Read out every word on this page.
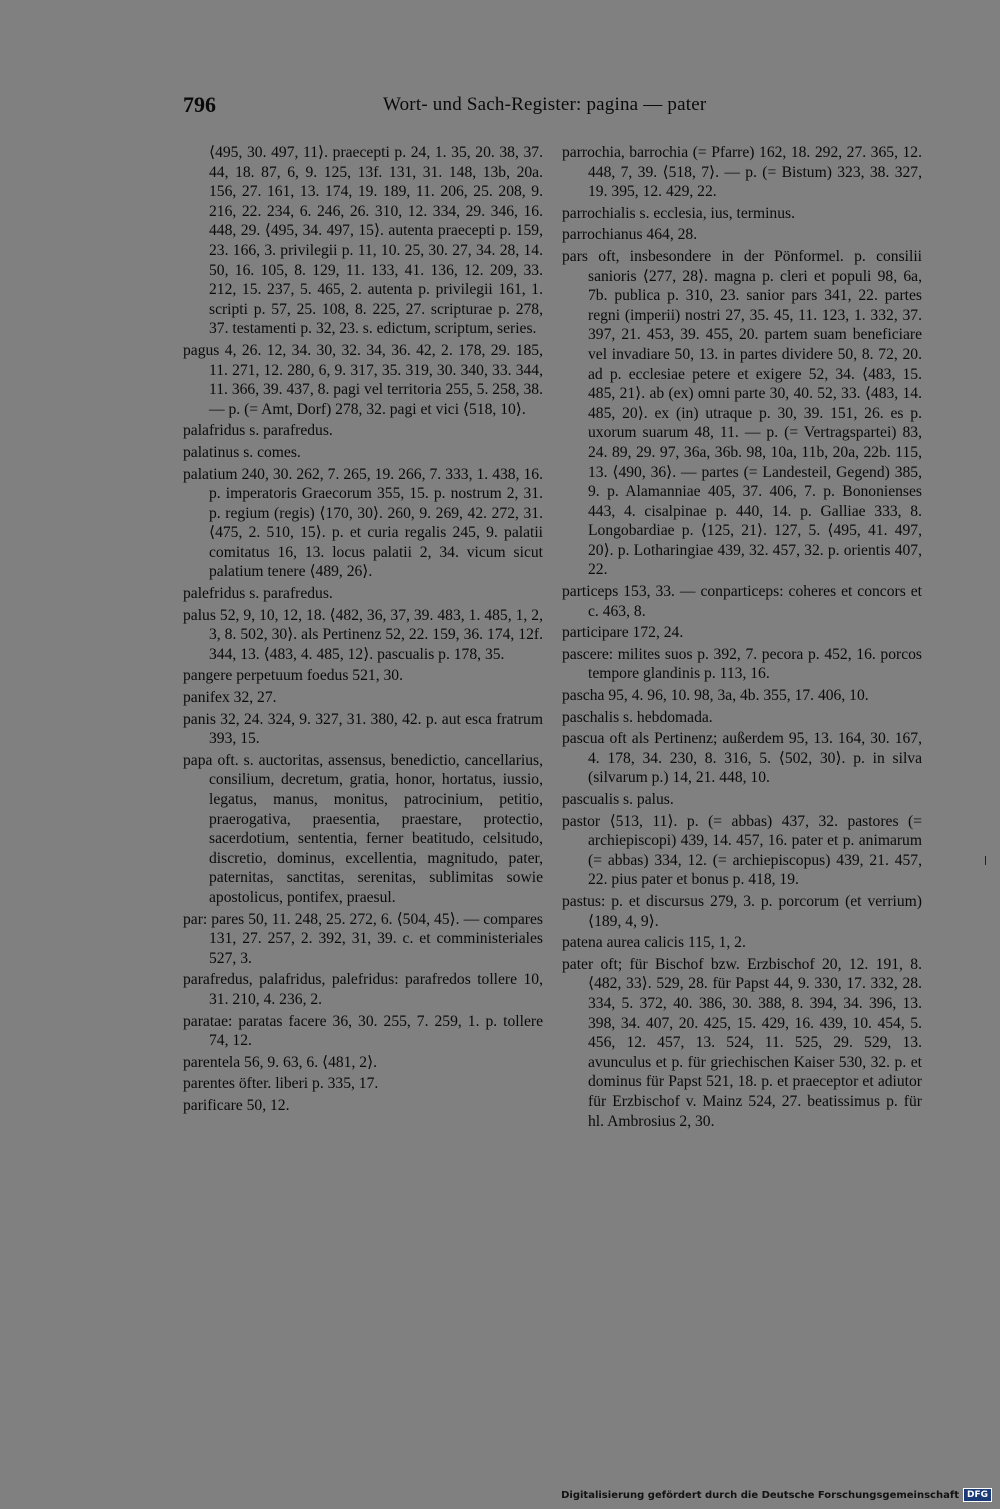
796	Wort- und Sach-Register: pagina — pater

⟨495, 30. 497, 11⟩. praecepti p. 24, 1. 35, 20. 38, 37. 44, 18. 87, 6, 9. 125, 13f. 131, 31. 148, 13b, 20a. 156, 27. 161, 13. 174, 19. 189, 11. 206, 25. 208, 9. 216, 22. 234, 6. 246, 26. 310, 12. 334, 29. 346, 16. 448, 29. ⟨495, 34. 497, 15⟩. autenta praecepti p. 159, 23. 166, 3. privilegii p. 11, 10. 25, 30. 27, 34. 28, 14. 50, 16. 105, 8. 129, 11. 133, 41. 136, 12. 209, 33. 212, 15. 237, 5. 465, 2. autenta p. privilegii 161, 1. scripti p. 57, 25. 108, 8. 225, 27. scripturae p. 278, 37. testamenti p. 32, 23. s. edictum, scriptum, series.

pagus 4, 26. 12, 34. 30, 32. 34, 36. 42, 2. 178, 29. 185, 11. 271, 12. 280, 6, 9. 317, 35. 319, 30. 340, 33. 344, 11. 366, 39. 437, 8. pagi vel territoria 255, 5. 258, 38. — p. (= Amt, Dorf) 278, 32. pagi et vici ⟨518, 10⟩.

palafridus s. parafredus.

palatinus s. comes.

palatium 240, 30. 262, 7. 265, 19. 266, 7. 333, 1. 438, 16. p. imperatoris Graecorum 355, 15. p. nostrum 2, 31. p. regium (regis) ⟨170, 30⟩. 260, 9. 269, 42. 272, 31. ⟨475, 2. 510, 15⟩. p. et curia regalis 245, 9. palatii comitatus 16, 13. locus palatii 2, 34. vicum sicut palatium tenere ⟨489, 26⟩.

palefridus s. parafredus.

palus 52, 9, 10, 12, 18. ⟨482, 36, 37, 39. 483, 1. 485, 1, 2, 3, 8. 502, 30⟩. als Pertinenz 52, 22. 159, 36. 174, 12f. 344, 13. ⟨483, 4. 485, 12⟩. pascualis p. 178, 35.

pangere perpetuum foedus 521, 30.

panifex 32, 27.

panis 32, 24. 324, 9. 327, 31. 380, 42. p. aut esca fratrum 393, 15.

papa oft. s. auctoritas, assensus, benedictio, cancellarius, consilium, decretum, gratia, honor, hortatus, iussio, legatus, manus, monitus, patrocinium, petitio, praerogativa, praesentia, praestare, protectio, sacerdotium, sententia, ferner beatitudo, celsitudo, discretio, dominus, excellentia, magnitudo, pater, paternitas, sanctitas, serenitas, sublimitas sowie apostolicus, pontifex, praesul.

par: pares 50, 11. 248, 25. 272, 6. ⟨504, 45⟩. — compares 131, 27. 257, 2. 392, 31, 39. c. et comministeriales 527, 3.

parafredus, palafridus, palefridus: parafredos tollere 10, 31. 210, 4. 236, 2.

paratae: paratas facere 36, 30. 255, 7. 259, 1. p. tollere 74, 12.

parentela 56, 9. 63, 6. ⟨481, 2⟩.

parentes öfter. liberi p. 335, 17.

parificare 50, 12.

parrochia, barrochia (= Pfarre) 162, 18. 292, 27. 365, 12. 448, 7, 39. ⟨518, 7⟩. — p. (= Bistum) 323, 38. 327, 19. 395, 12. 429, 22.

parrochialis s. ecclesia, ius, terminus.

parrochianus 464, 28.

pars oft, insbesondere in der Pönformel. p. consilii sanioris ⟨277, 28⟩. magna p. cleri et populi 98, 6a, 7b. publica p. 310, 23. sanior pars 341, 22. partes regni (imperii) nostri 27, 35. 45, 11. 123, 1. 332, 37. 397, 21. 453, 39. 455, 20. partem suam beneficiare vel invadiare 50, 13. in partes dividere 50, 8. 72, 20. ad p. ecclesiae petere et exigere 52, 34. ⟨483, 15. 485, 21⟩. ab (ex) omni parte 30, 40. 52, 33. ⟨483, 14. 485, 20⟩. ex (in) utraque p. 30, 39. 151, 26. es p. uxorum suarum 48, 11. — p. (= Vertragspartei) 83, 24. 89, 29. 97, 36a, 36b. 98, 10a, 11b, 20a, 22b. 115, 13. ⟨490, 36⟩. — partes (= Landesteil, Gegend) 385, 9. p. Alamanniae 405, 37. 406, 7. p. Bononienses 443, 4. cisalpinae p. 440, 14. p. Galliae 333, 8. Longobardiae p. ⟨125, 21⟩. 127, 5. ⟨495, 41. 497, 20⟩. p. Lotharingiae 439, 32. 457, 32. p. orientis 407, 22.

particeps 153, 33. — conparticeps: coheres et concors et c. 463, 8.

participare 172, 24.

pascere: milites suos p. 392, 7. pecora p. 452, 16. porcos tempore glandinis p. 113, 16.

pascha 95, 4. 96, 10. 98, 3a, 4b. 355, 17. 406, 10.

paschalis s. hebdomada.

pascua oft als Pertinenz; außerdem 95, 13. 164, 30. 167, 4. 178, 34. 230, 8. 316, 5. ⟨502, 30⟩. p. in silva (silvarum p.) 14, 21. 448, 10.

pascualis s. palus.

pastor ⟨513, 11⟩. p. (= abbas) 437, 32. pastores (= archiepiscopi) 439, 14. 457, 16. pater et p. animarum (= abbas) 334, 12. (= archiepiscopus) 439, 21. 457, 22. pius pater et bonus p. 418, 19.

pastus: p. et discursus 279, 3. p. porcorum (et verrium) ⟨189, 4, 9⟩.

patena aurea calicis 115, 1, 2.

pater oft; für Bischof bzw. Erzbischof 20, 12. 191, 8. ⟨482, 33⟩. 529, 28. für Papst 44, 9. 330, 17. 332, 28. 334, 5. 372, 40. 386, 30. 388, 8. 394, 34. 396, 13. 398, 34. 407, 20. 425, 15. 429, 16. 439, 10. 454, 5. 456, 12. 457, 13. 524, 11. 525, 29. 529, 13. avunculus et p. für griechischen Kaiser 530, 32. p. et dominus für Papst 521, 18. p. et praeceptor et adiutor für Erzbischof v. Mainz 524, 27. beatissimus p. für hl. Ambrosius 2, 30.

Digitalisierung gefördert durch die Deutsche Forschungsgemeinschaft DFG
